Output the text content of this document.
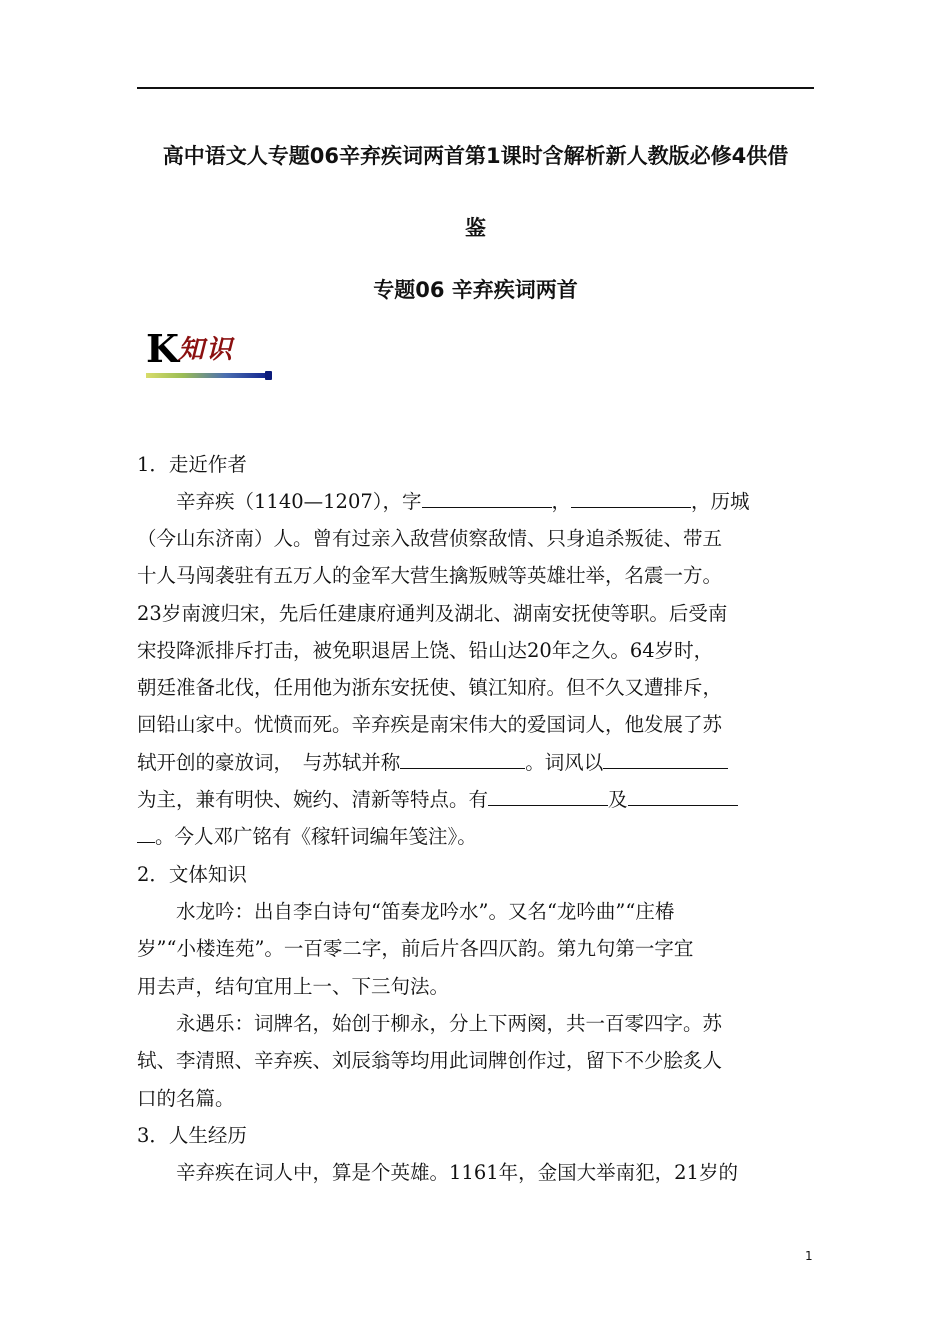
高中语文人专题06辛弃疾词两首第1课时含解析新人教版必修4供借
鉴
专题06 辛弃疾词两首
K
知识
1．走近作者
　　辛弃疾（1140—1207），字	，	，历城
（今山东济南）人。曾有过亲入敌营侦察敌情、只身追杀叛徒、带五
十人马闯袭驻有五万人的金军大营生擒叛贼等英雄壮举，名震一方。
23岁南渡归宋，先后任建康府通判及湖北、湖南安抚使等职。后受南
宋投降派排斥打击，被免职退居上饶、铅山达20年之久。64岁时，
朝廷准备北伐，任用他为浙东安抚使、镇江知府。但不久又遭排斥，
回铅山家中。忧愤而死。辛弃疾是南宋伟大的爱国词人，他发展了苏
轼开创的豪放词，　与苏轼并称	。词风以
为主，兼有明快、婉约、清新等特点。有	及
。今人邓广铭有《稼轩词编年笺注》。
2．文体知识
　　水龙吟：出自李白诗句“笛奏龙吟水”。又名“龙吟曲”“庄椿
岁”“小楼连苑”。一百零二字，前后片各四仄韵。第九句第一字宜
用去声，结句宜用上一、下三句法。
　　永遇乐：词牌名，始创于柳永，分上下两阕，共一百零四字。苏
轼、李清照、辛弃疾、刘辰翁等均用此词牌创作过，留下不少脍炙人
口的名篇。
3．人生经历
　　辛弃疾在词人中，算是个英雄。1161年，金国大举南犯，21岁的
1
